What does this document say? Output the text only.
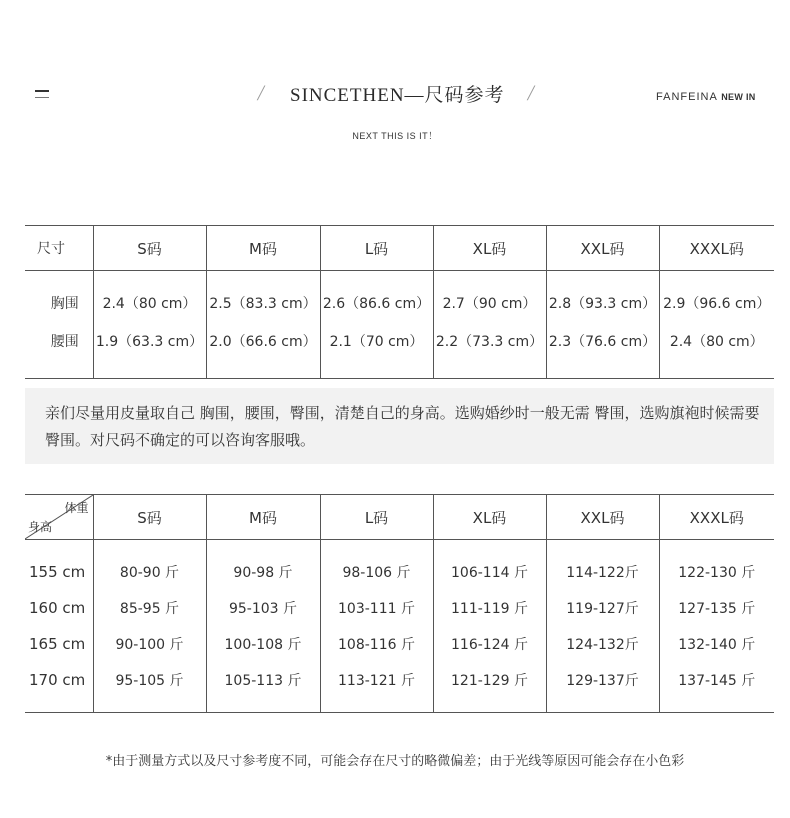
/ SINCETHEN—尺码参考 /	FANFEINA NEW IN
NEXT THIS IS IT！
尺寸	S码	M码	L码	XL码	XXL码	XXXL码
胸围	2.4（80 cm）	2.5（83.3 cm）	2.6（86.6 cm）	2.7（90 cm）	2.8（93.3 cm）	2.9（96.6 cm）
腰围	1.9（63.3 cm）	2.0（66.6 cm）	2.1（70 cm）	2.2（73.3 cm）	2.3（76.6 cm）	2.4（80 cm）
亲们尽量用皮量取自己 胸围，腰围，臀围，清楚自己的身高。选购婚纱时一般无需 臀围，选购旗袍时候需要臀围。对尺码不确定的可以咨询客服哦。
体重
身高	S码	M码	L码	XL码	XXL码	XXXL码
155 cm	80-90 斤	90-98 斤	98-106 斤	106-114 斤	114-122斤	122-130 斤
160 cm	85-95 斤	95-103 斤	103-111 斤	111-119 斤	119-127斤	127-135 斤
165 cm	90-100 斤	100-108 斤	108-116 斤	116-124 斤	124-132斤	132-140 斤
170 cm	95-105 斤	105-113 斤	113-121 斤	121-129 斤	129-137斤	137-145 斤
*由于测量方式以及尺寸参考度不同，可能会存在尺寸的略微偏差；由于光线等原因可能会存在小色彩
